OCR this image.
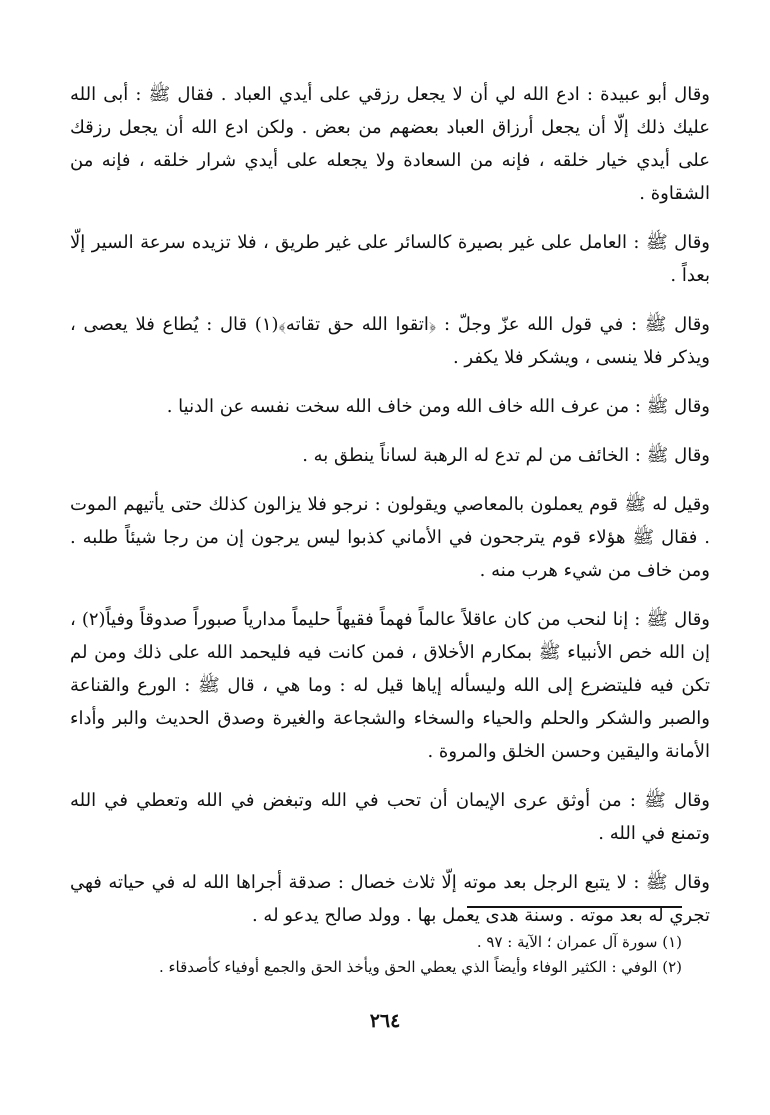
وقال أبو عبيدة : ادع الله لي أن لا يجعل رزقي على أيدي العباد . فقال ﷺ : أبى الله عليك ذلك إلّا أن يجعل أرزاق العباد بعضهم من بعض . ولكن ادع الله أن يجعل رزقك على أيدي خيار خلقه ، فإنه من السعادة ولا يجعله على أيدي شرار خلقه ، فإنه من الشقاوة .

وقال ﷺ : العامل على غير بصيرة كالسائر على غير طريق ، فلا تزيده سرعة السير إلّا بعداً .

وقال ﷺ : في قول الله عزّ وجلّ : ﴿اتقوا الله حق تقاته﴾(١) قال : يُطاع فلا يعصى ، ويذكر فلا ينسى ، ويشكر فلا يكفر .

وقال ﷺ : من عرف الله خاف الله ومن خاف الله سخت نفسه عن الدنيا .

وقال ﷺ : الخائف من لم تدع له الرهبة لساناً ينطق به .

وقيل له ﷺ قوم يعملون بالمعاصي ويقولون : نرجو فلا يزالون كذلك حتى يأتيهم الموت . فقال ﷺ هؤلاء قوم يترجحون في الأماني كذبوا ليس يرجون إن من رجا شيئاً طلبه . ومن خاف من شيء هرب منه .

وقال ﷺ : إنا لنحب من كان عاقلاً عالماً فهماً فقيهاً حليماً مدارياً صبوراً صدوقاً وفياً(٢) ، إن الله خص الأنبياء ﷺ بمكارم الأخلاق ، فمن كانت فيه فليحمد الله على ذلك ومن لم تكن فيه فليتضرع إلى الله وليسأله إياها قيل له : وما هي ، قال ﷺ : الورع والقناعة والصبر والشكر والحلم والحياء والسخاء والشجاعة والغيرة وصدق الحديث والبر وأداء الأمانة واليقين وحسن الخلق والمروة .

وقال ﷺ : من أوثق عرى الإيمان أن تحب في الله وتبغض في الله وتعطي في الله وتمنع في الله .

وقال ﷺ : لا يتبع الرجل بعد موته إلّا ثلاث خصال : صدقة أجراها الله له في حياته فهي تجري له بعد موته . وسنة هدى يعمل بها . وولد صالح يدعو له .

(١) سورة آل عمران ؛ الآية : ٩٧ .

(٢) الوفي : الكثير الوفاء وأيضاً الذي يعطي الحق ويأخذ الحق والجمع أوفياء كأصدقاء .

٢٦٤
